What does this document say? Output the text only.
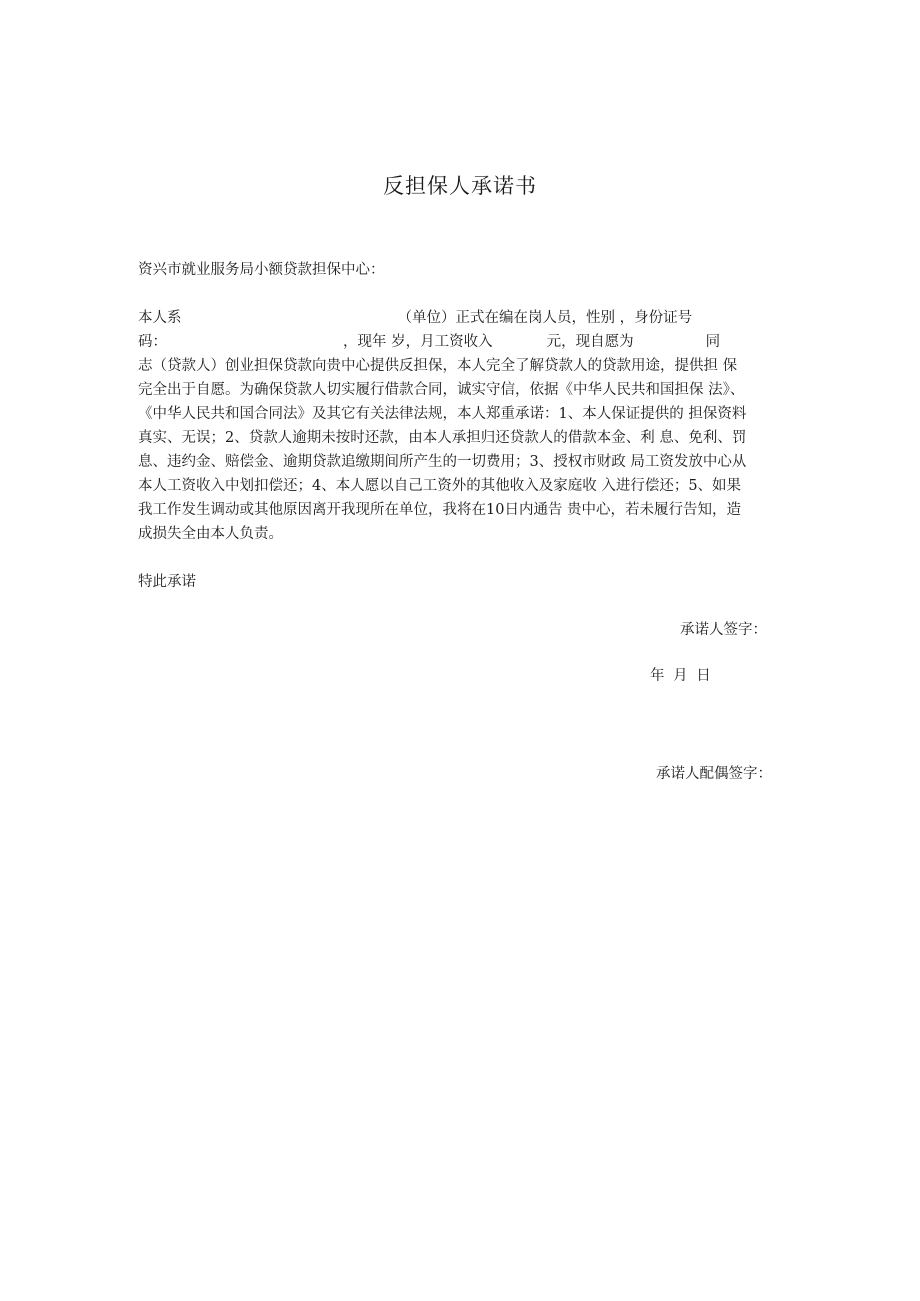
反担保人承诺书

资兴市就业服务局小额贷款担保中心：

本人系	（单位）正式在编在岗人员，性别 ，身份证号

码：	，现年 岁，月工资收入	元，现自愿为	同

志（贷款人）创业担保贷款向贵中心提供反担保，本人完全了解贷款人的贷款用途，提供担 保

完全出于自愿。为确保贷款人切实履行借款合同，诚实守信，依据《中华人民共和国担保 法》、

《中华人民共和国合同法》及其它有关法律法规，本人郑重承诺：1、本人保证提供的 担保资料

真实、无误；2、贷款人逾期未按时还款，由本人承担归还贷款人的借款本金、利 息、免利、罚

息、违约金、赔偿金、逾期贷款追缴期间所产生的一切费用；3、授权市财政 局工资发放中心从

本人工资收入中划扣偿还；4、本人愿以自己工资外的其他收入及家庭收 入进行偿还；5、如果

我工作发生调动或其他原因离开我现所在单位，我将在10日内通告 贵中心，若未履行告知，造

成损失全由本人负责。

特此承诺

承诺人签字：

年 月 日

承诺人配偶签字：
